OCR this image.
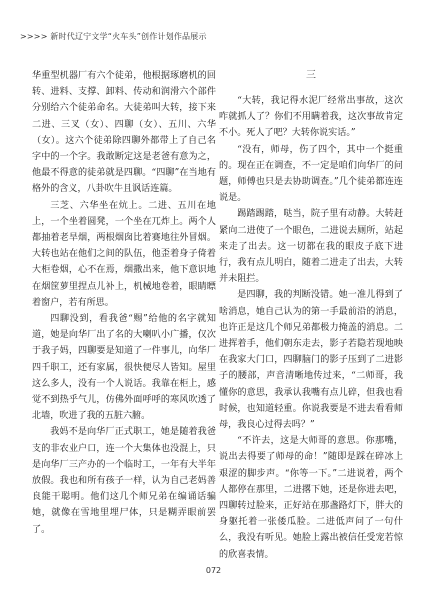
>>>> 新时代辽宁文学“火车头”创作计划作品展示

华重型机器厂有六个徒弟，他根据琢磨机的回转、进料、支撑、卸料、传动和润滑六个部件分别给六个徒弟命名。大徒弟叫大转，接下来二进、三叉（女）、四聊（女）、五川、六华（女）。这六个徒弟除四聊外都带上了自己名字中的一个字。我敢断定这是老爸有意为之，他最不得意的徒弟就是四聊。“四聊”在当地有格外的含义，八卦吹牛且讽话连篇。

三芝、六华坐在炕上。二进、五川在地上，一个坐着圆凳，一个坐在兀炸上。两个人都抽着老旱烟，两根烟囱比着赛地往外冒烟。大转也站在他们之间的队伍，他歪着身子倚着大柜卷烟，心不在焉，烟撒出来，他下意识地在烟筐萝里捏点儿补上，机械地卷着，眼睛瞟着窗户，若有所思。

四聊没到，看我爸“赐”给他的名字就知道，她是向华厂出了名的大喇叭小广播，仅次于我子妈，四聊要是知道了一件事儿，向华厂四千职工，还有家属，很快便尽人皆知。屋里这么多人，没有一个人说话。我靠在柜上，感觉不到热乎气儿，仿佛外面呼呼的寒风吹透了北墙，吹进了我的五脏六腑。

我妈不是向华厂正式职工，她是随着我爸支的非农业户口，连一个大集体也没混上，只是向华厂三产办的一个临时工，一年有大半年放假。我也和所有孩子一样，认为自己老妈善良能干聪明。他们这几个师兄弟在编诵话骗她，就像在雪地里埋尸体，只是糊弄眼前罢了。

三

“大转，我记得水泥厂经常出事故，这次咋就抓人了？你们不用瞒着我，这次事故肯定不小。死人了吧？大转你说实话。”

“没有，师母，伤了四个，其中一个挺重的。现在正在调查，不一定是咱们向华厂的问题，师傅也只是去协助调查。”几个徒弟都连连说是。

踢踏踢踏，哒当，院子里有动静。大转赶紧向二进使了一个眼色，二进说去厕所，站起来走了出去。这一切都在我的眼皮子底下进行，我有点儿明白，随着二进走了出去，大转并未阻拦。

是四聊，我的判断没错。她一准儿得到了啥消息，她自己认为的第一手最前沿的消息，也许正是这几个师兄弟都极力掩盖的消息。二进挥着手，他们朝东走去，影子若隐若现地映在我家大门口，四聊脑门的影子压到了二进影子的腰部，声音清晰地传过来，“二师哥，我懂你的意思，我承认我嘴有点儿碎，但我也看时候，也知道轻重。你说我要是不进去看看师母，我良心过得去吗？”

“不许去，这是大师哥的意思。你那嘴，说出去得要了师母的命！”随即是踩在碎冰上艰涩的脚步声。“你等一下。”二进说着，两个人都停在那里，二进撂下她，还是你进去吧，四聊转过脸来，正好站在那盏路灯下，胖大的身躯托着一张倭瓜脸。二进低声问了一句什么，我没有听见。她脸上露出被信任受宠若惊的欣喜表情。

072
